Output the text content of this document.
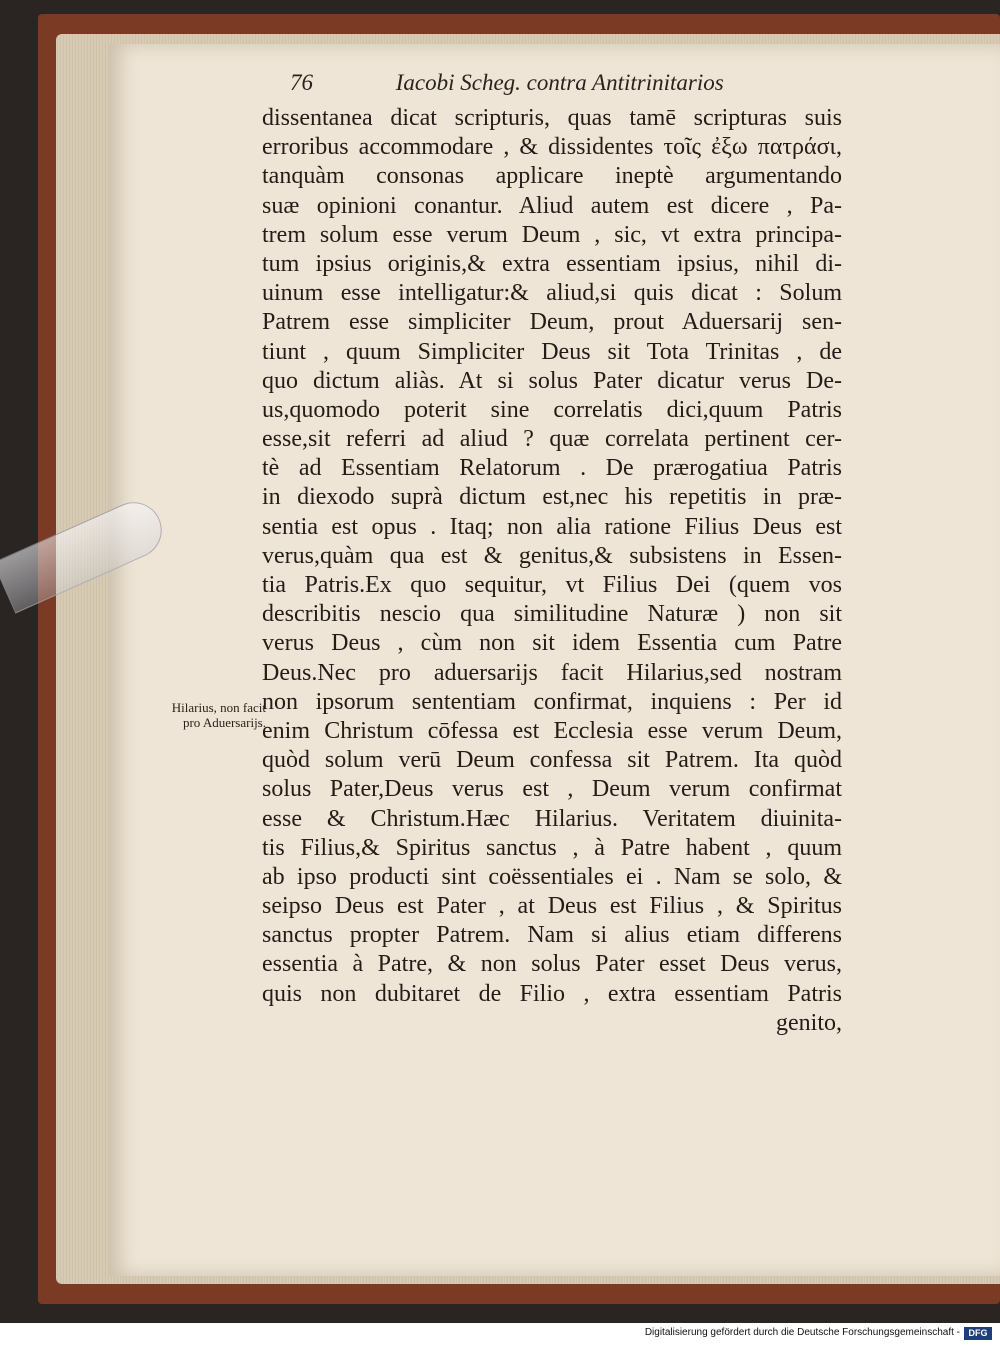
76	Iacobi Scheg. contra Antitrinitarios
Hilarius, non facit
pro Aduersarijs.
dissentanea dicat scripturis, quas tamē scripturas suis
erroribus accommodare , & dissidentes τοῖς ἐξω πατράσι,
tanquàm consonas applicare ineptè argumentando
suæ opinioni conantur. Aliud autem est dicere , Pa-
trem solum esse verum Deum , sic, vt extra principa-
tum ipsius originis,& extra essentiam ipsius, nihil di-
uinum esse intelligatur:& aliud,si quis dicat : Solum
Patrem esse simpliciter Deum, prout Aduersarij sen-
tiunt , quum Simpliciter Deus sit Tota Trinitas , de
quo dictum aliàs. At si solus Pater dicatur verus De-
us,quomodo poterit sine correlatis dici,quum Patris
esse,sit referri ad aliud ? quæ correlata pertinent cer-
tè ad Essentiam Relatorum . De prærogatiua Patris
in diexodo suprà dictum est,nec his repetitis in præ-
sentia est opus . Itaq; non alia ratione Filius Deus est
verus,quàm qua est & genitus,& subsistens in Essen-
tia Patris.Ex quo sequitur, vt Filius Dei (quem vos
describitis nescio qua similitudine Naturæ ) non sit
verus Deus , cùm non sit idem Essentia cum Patre
Deus.Nec pro aduersarijs facit Hilarius,sed nostram
non ipsorum sententiam confirmat, inquiens : Per id
enim Christum cōfessa est Ecclesia esse verum Deum,
quòd solum verū Deum confessa sit Patrem. Ita quòd
solus Pater,Deus verus est , Deum verum confirmat
esse & Christum.Hæc Hilarius. Veritatem diuinita-
tis Filius,& Spiritus sanctus , à Patre habent , quum
ab ipso producti sint coëssentiales ei . Nam se solo, &
seipso Deus est Pater , at Deus est Filius , & Spiritus
sanctus propter Patrem. Nam si alius etiam differens
essentia à Patre, & non solus Pater esset Deus verus,
quis non dubitaret de Filio , extra essentiam Patris
genito,
Digitalisierung gefördert durch die Deutsche Forschungsgemeinschaft - DFG
